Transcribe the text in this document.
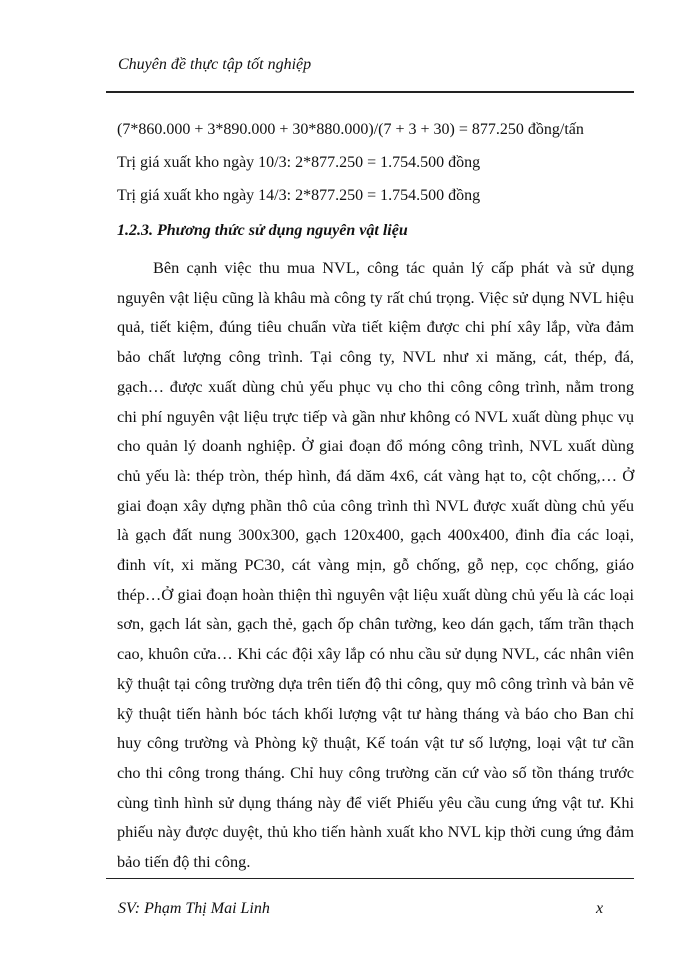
Chuyên đề thực tập tốt nghiệp
(7*860.000 + 3*890.000 + 30*880.000)/(7 + 3 + 30) = 877.250 đồng/tấn
Trị giá xuất kho ngày 10/3: 2*877.250 = 1.754.500 đồng
Trị giá xuất kho ngày 14/3: 2*877.250 = 1.754.500 đồng
1.2.3. Phương thức sử dụng nguyên vật liệu

Bên cạnh việc thu mua NVL, công tác quản lý cấp phát và sử dụng nguyên vật liệu cũng là khâu mà công ty rất chú trọng. Việc sử dụng NVL hiệu quả, tiết kiệm, đúng tiêu chuẩn vừa tiết kiệm được chi phí xây lắp, vừa đảm bảo chất lượng công trình. Tại công ty, NVL như xi măng, cát, thép, đá, gạch… được xuất dùng chủ yếu phục vụ cho thi công công trình, nằm trong chi phí nguyên vật liệu trực tiếp và gần như không có NVL xuất dùng phục vụ cho quản lý doanh nghiệp. Ở giai đoạn đổ móng công trình, NVL xuất dùng chủ yếu là: thép tròn, thép hình, đá dăm 4x6, cát vàng hạt to, cột chống,… Ở giai đoạn xây dựng phần thô của công trình thì NVL được xuất dùng chủ yếu là gạch đất nung 300x300, gạch 120x400, gạch 400x400, đinh đỉa các loại, đinh vít, xi măng PC30, cát vàng mịn, gỗ chống, gỗ nẹp, cọc chống, giáo thép…Ở giai đoạn hoàn thiện thì nguyên vật liệu xuất dùng chủ yếu là các loại sơn, gạch lát sàn, gạch thẻ, gạch ốp chân tường, keo dán gạch, tấm trần thạch cao, khuôn cửa… Khi các đội xây lắp có nhu cầu sử dụng NVL, các nhân viên kỹ thuật tại công trường dựa trên tiến độ thi công, quy mô công trình và bản vẽ kỹ thuật tiến hành bóc tách khối lượng vật tư hàng tháng và báo cho Ban chỉ huy công trường và Phòng kỹ thuật, Kế toán vật tư số lượng, loại vật tư cần cho thi công trong tháng. Chỉ huy công trường căn cứ vào số tồn tháng trước cùng tình hình sử dụng tháng này để viết Phiếu yêu cầu cung ứng vật tư. Khi phiếu này được duyệt, thủ kho tiến hành xuất kho NVL kịp thời cung ứng đảm bảo tiến độ thi công.

SV: Phạm Thị Mai Linh	x
